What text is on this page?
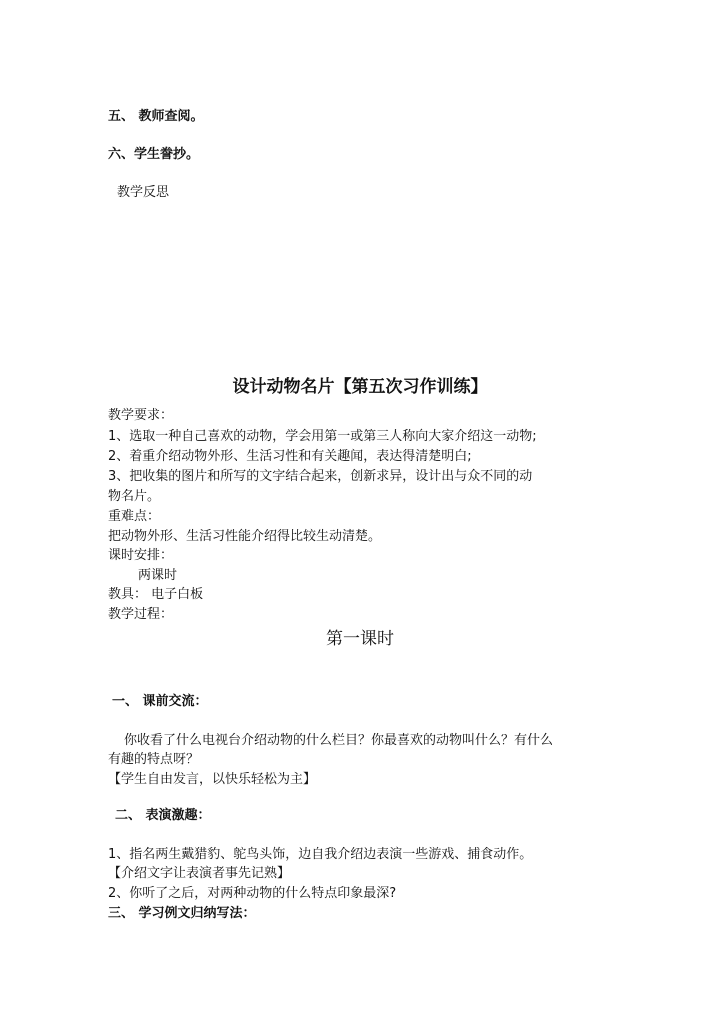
五、 教师查阅。
六、学生誊抄。
教学反思
设计动物名片【第五次习作训练】
教学要求：
1、选取一种自己喜欢的动物，学会用第一或第三人称向大家介绍这一动物;
2、着重介绍动物外形、生活习性和有关趣闻，表达得清楚明白;
3、把收集的图片和所写的文字结合起来，创新求异，设计出与众不同的动
物名片。
重难点：
把动物外形、生活习性能介绍得比较生动清楚。
课时安排：
两课时
教具： 电子白板
教学过程：
第一课时
一、 课前交流：
你收看了什么电视台介绍动物的什么栏目？你最喜欢的动物叫什么？有什么
有趣的特点呀？
【学生自由发言，以快乐轻松为主】
二、 表演激趣：
1、指名两生戴猎豹、鸵鸟头饰，边自我介绍边表演一些游戏、捕食动作。
【介绍文字让表演者事先记熟】
2、你听了之后，对两种动物的什么特点印象最深?
三、 学习例文归纳写法：
